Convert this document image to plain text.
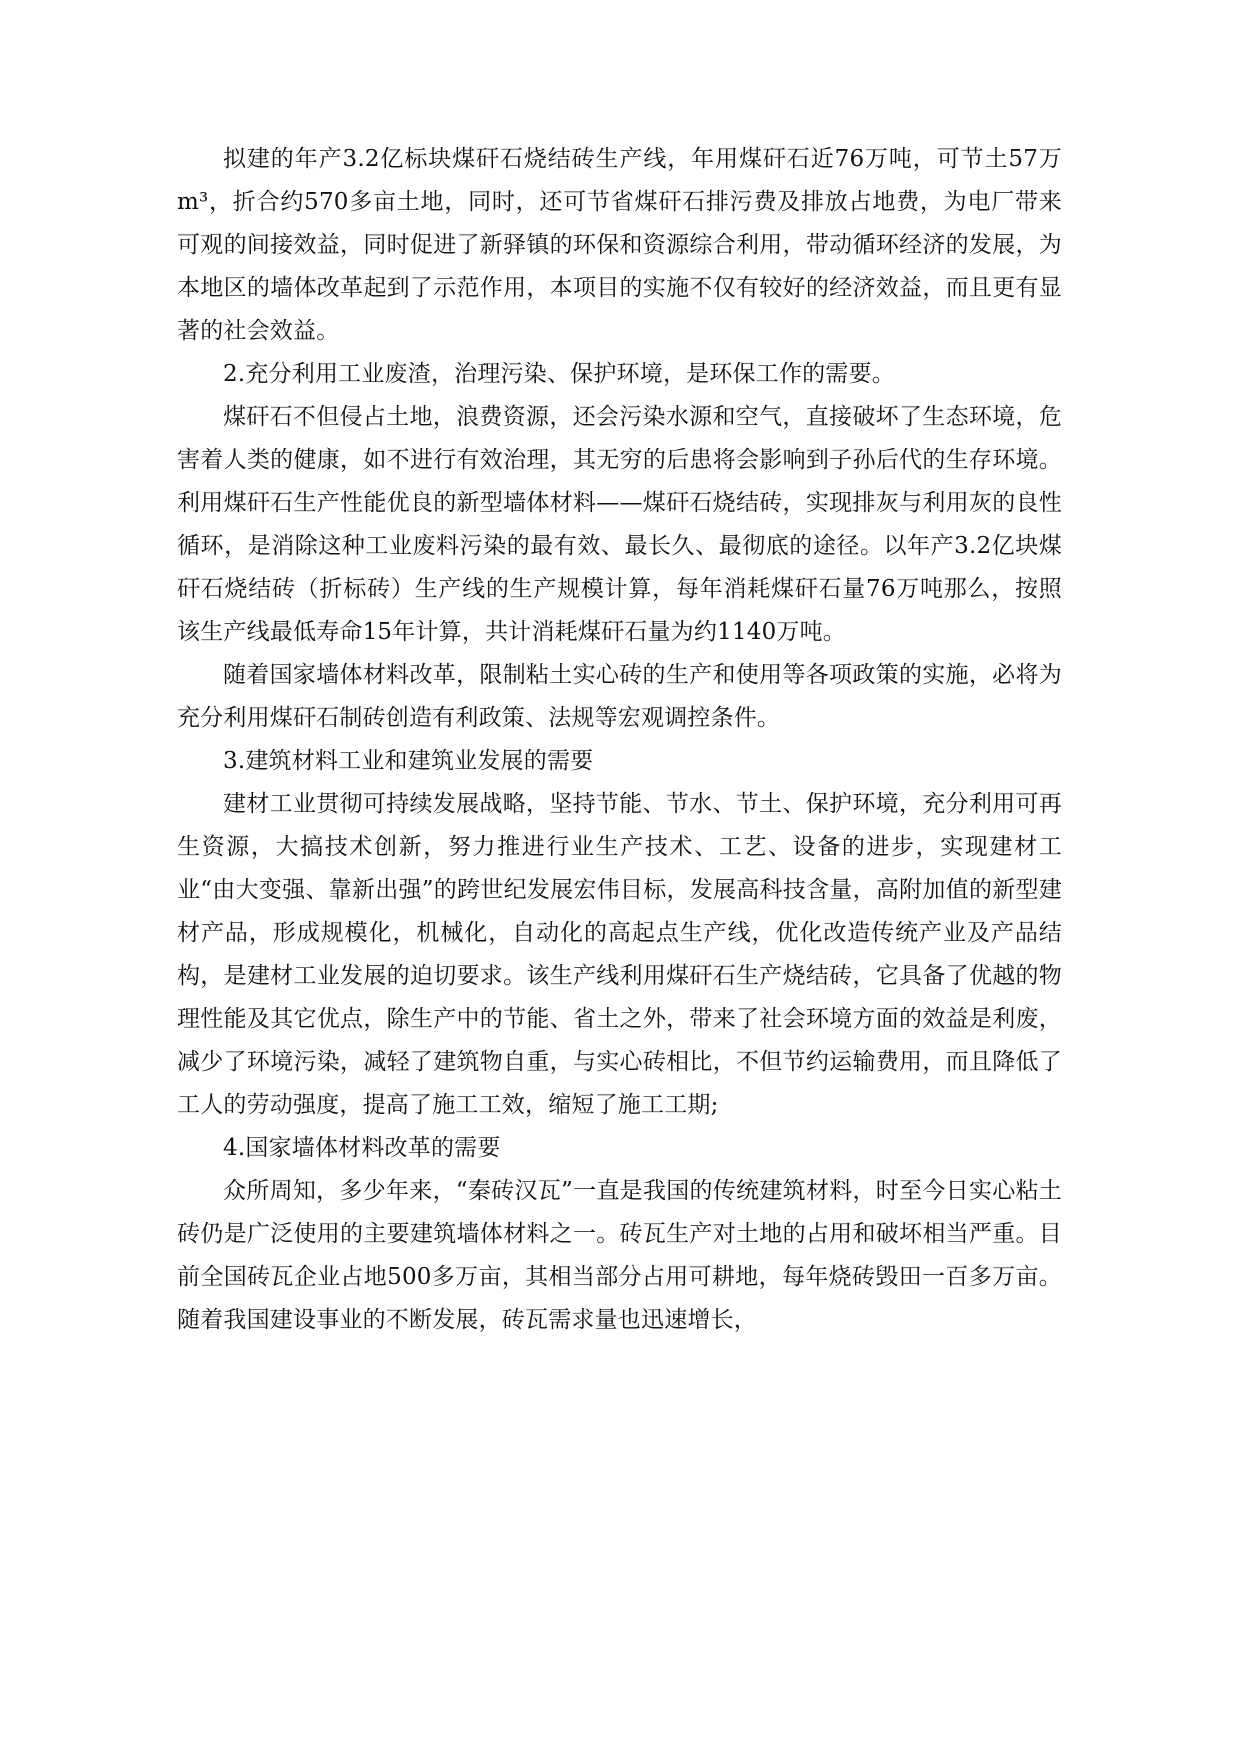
拟建的年产3.2亿标块煤矸石烧结砖生产线，年用煤矸石近76万吨，可节土57万m³，折合约570多亩土地，同时，还可节省煤矸石排污费及排放占地费，为电厂带来可观的间接效益，同时促进了新驿镇的环保和资源综合利用，带动循环经济的发展，为本地区的墙体改革起到了示范作用，本项目的实施不仅有较好的经济效益，而且更有显著的社会效益。

2.充分利用工业废渣，治理污染、保护环境，是环保工作的需要。

煤矸石不但侵占土地，浪费资源，还会污染水源和空气，直接破坏了生态环境，危害着人类的健康，如不进行有效治理，其无穷的后患将会影响到子孙后代的生存环境。利用煤矸石生产性能优良的新型墙体材料——煤矸石烧结砖，实现排灰与利用灰的良性循环，是消除这种工业废料污染的最有效、最长久、最彻底的途径。以年产3.2亿块煤矸石烧结砖（折标砖）生产线的生产规模计算，每年消耗煤矸石量76万吨那么，按照该生产线最低寿命15年计算，共计消耗煤矸石量为约1140万吨。

随着国家墙体材料改革，限制粘土实心砖的生产和使用等各项政策的实施，必将为充分利用煤矸石制砖创造有利政策、法规等宏观调控条件。

3.建筑材料工业和建筑业发展的需要

建材工业贯彻可持续发展战略，坚持节能、节水、节土、保护环境，充分利用可再生资源，大搞技术创新，努力推进行业生产技术、工艺、设备的进步，实现建材工业“由大变强、靠新出强”的跨世纪发展宏伟目标，发展高科技含量，高附加值的新型建材产品，形成规模化，机械化，自动化的高起点生产线，优化改造传统产业及产品结构，是建材工业发展的迫切要求。该生产线利用煤矸石生产烧结砖，它具备了优越的物理性能及其它优点，除生产中的节能、省土之外，带来了社会环境方面的效益是利废，减少了环境污染，减轻了建筑物自重，与实心砖相比，不但节约运输费用，而且降低了工人的劳动强度，提高了施工工效，缩短了施工工期;

4.国家墙体材料改革的需要

众所周知，多少年来，“秦砖汉瓦”一直是我国的传统建筑材料，时至今日实心粘土砖仍是广泛使用的主要建筑墙体材料之一。砖瓦生产对土地的占用和破坏相当严重。目前全国砖瓦企业占地500多万亩，其相当部分占用可耕地，每年烧砖毁田一百多万亩。随着我国建设事业的不断发展，砖瓦需求量也迅速增长，
